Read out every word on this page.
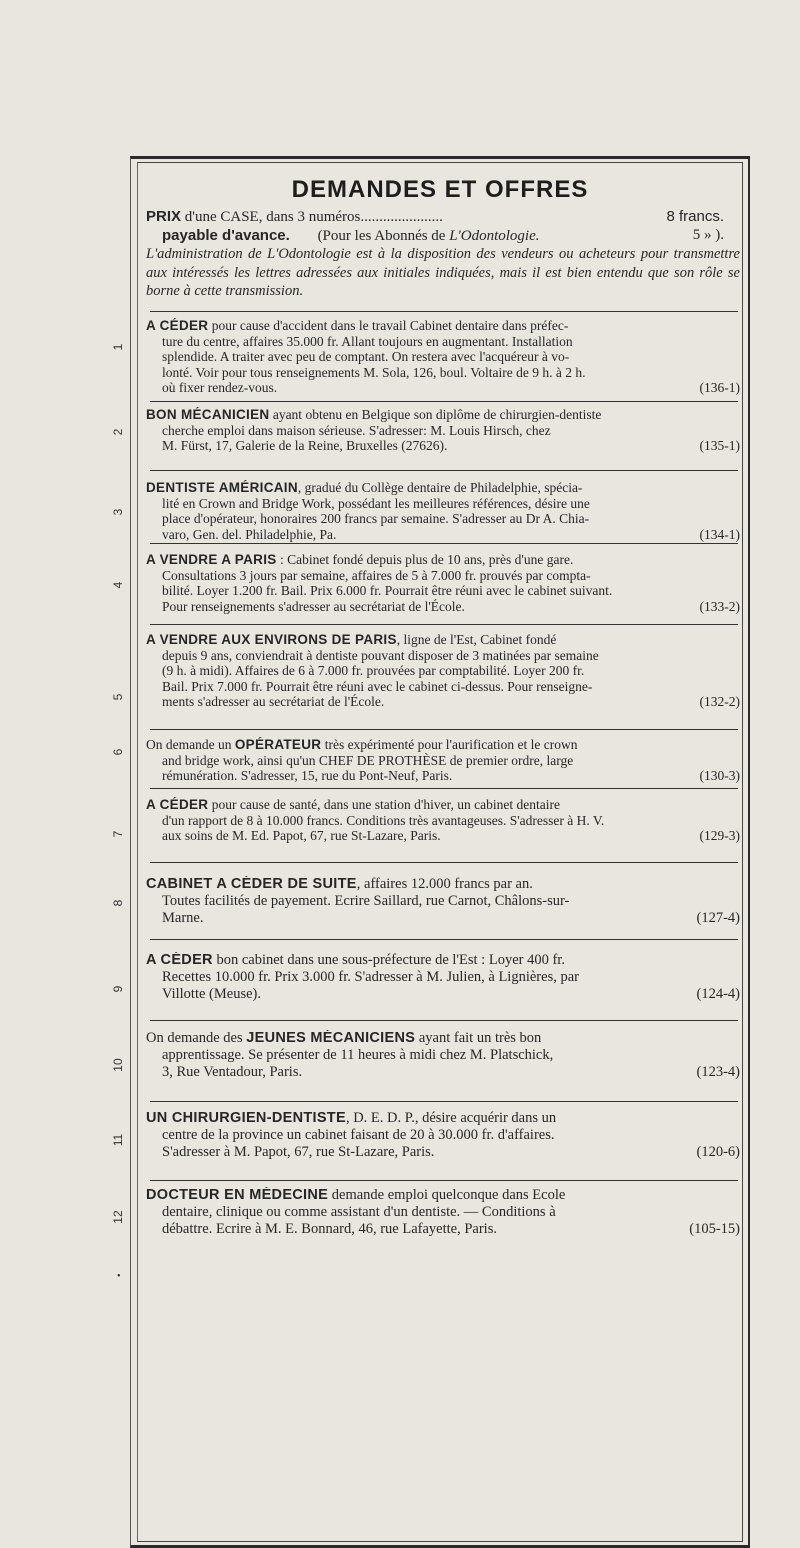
DEMANDES ET OFFRES
PRIX d'une CASE, dans 3 numéros......................	8 francs.
payable d'avance. (Pour les Abonnés de L'Odontologie.	5 » ).
L'administration de L'Odontologie est à la disposition des vendeurs ou acheteurs pour transmettre aux intéressés les lettres adressées aux initiales indiquées, mais il est bien entendu que son rôle se borne à cette transmission.
1
A CÉDER pour cause d'accident dans le travail Cabinet dentaire dans préfec-
ture du centre, affaires 35.000 fr. Allant toujours en augmentant. Installation
splendide. A traiter avec peu de comptant. On restera avec l'acquéreur à vo-
lonté. Voir pour tous renseignements M. Sola, 126, boul. Voltaire de 9 h. à 2 h.
où fixer rendez-vous.	(136-1)
2
BON MÉCANICIEN ayant obtenu en Belgique son diplôme de chirurgien-dentiste
cherche emploi dans maison sérieuse. S'adresser: M. Louis Hirsch, chez
M. Fürst, 17, Galerie de la Reine, Bruxelles (27626).	(135-1)
3
DENTISTE AMÉRICAIN, gradué du Collège dentaire de Philadelphie, spécia-
lité en Crown and Bridge Work, possédant les meilleures références, désire une
place d'opérateur, honoraires 200 francs par semaine. S'adresser au Dr A. Chia-
varo, Gen. del. Philadelphie, Pa.	(134-1)
4
A VENDRE A PARIS : Cabinet fondé depuis plus de 10 ans, près d'une gare.
Consultations 3 jours par semaine, affaires de 5 à 7.000 fr. prouvés par compta-
bilité. Loyer 1.200 fr. Bail. Prix 6.000 fr. Pourrait être réuni avec le cabinet suivant.
Pour renseignements s'adresser au secrétariat de l'École.	(133-2)
5
A VENDRE AUX ENVIRONS DE PARIS, ligne de l'Est, Cabinet fondé
depuis 9 ans, conviendrait à dentiste pouvant disposer de 3 matinées par semaine
(9 h. à midi). Affaires de 6 à 7.000 fr. prouvées par comptabilité. Loyer 200 fr.
Bail. Prix 7.000 fr. Pourrait être réuni avec le cabinet ci-dessus. Pour renseigne-
ments s'adresser au secrétariat de l'École.	(132-2)
6 On demande un OPÉRATEUR très expérimenté pour l'aurification et le crown
and bridge work, ainsi qu'un CHEF DE PROTHÈSE de premier ordre, large
rémunération. S'adresser, 15, rue du Pont-Neuf, Paris.	(130-3)
7
A CÉDER pour cause de santé, dans une station d'hiver, un cabinet dentaire
d'un rapport de 8 à 10.000 francs. Conditions très avantageuses. S'adresser à H. V.
aux soins de M. Ed. Papot, 67, rue St-Lazare, Paris.	(129-3)
8
CABINET A CÉDER DE SUITE, affaires 12.000 francs par an.
Toutes facilités de payement. Ecrire Saillard, rue Carnot, Châlons-sur-
Marne.	(127-4)
9
A CÉDER bon cabinet dans une sous-préfecture de l'Est : Loyer 400 fr.
Recettes 10.000 fr. Prix 3.000 fr. S'adresser à M. Julien, à Lignières, par
Villotte (Meuse).	(124-4)
10
On demande des JEUNES MÉCANICIENS ayant fait un très bon
apprentissage. Se présenter de 11 heures à midi chez M. Platschick,
3, Rue Ventadour, Paris.	(123-4)
11
UN CHIRURGIEN-DENTISTE, D. E. D. P., désire acquérir dans un
centre de la province un cabinet faisant de 20 à 30.000 fr. d'affaires.
S'adresser à M. Papot, 67, rue St-Lazare, Paris.	(120-6)
12
DOCTEUR EN MÉDECINE demande emploi quelconque dans Ecole
dentaire, clinique ou comme assistant d'un dentiste. — Conditions à
débattre. Ecrire à M. E. Bonnard, 46, rue Lafayette, Paris.	(105-15)
•
